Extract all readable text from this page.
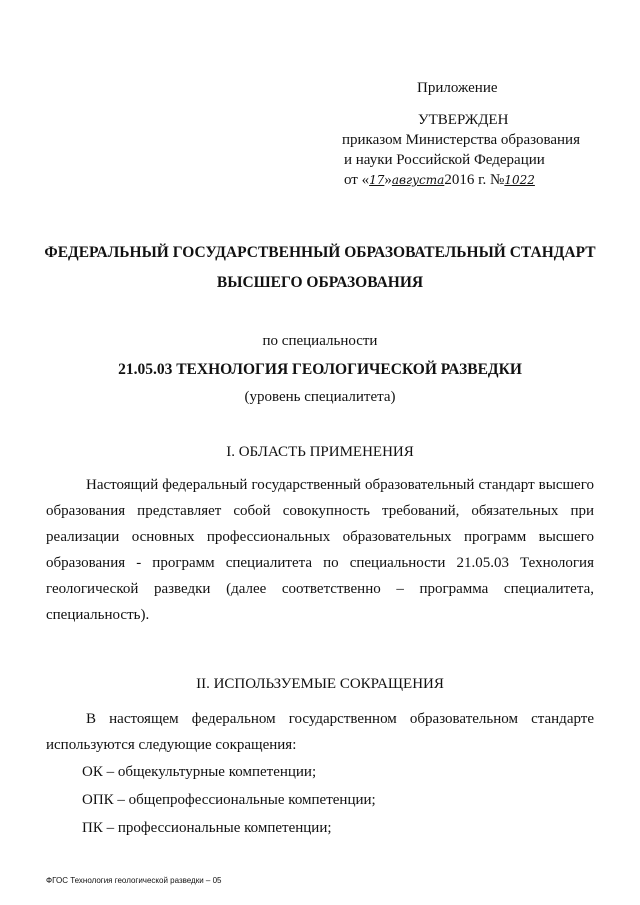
Приложение
УТВЕРЖДЕН
приказом Министерства образования
и науки Российской Федерации
от «17»августа2016 г. №1022
ФЕДЕРАЛЬНЫЙ ГОСУДАРСТВЕННЫЙ ОБРАЗОВАТЕЛЬНЫЙ СТАНДАРТ
ВЫСШЕГО ОБРАЗОВАНИЯ
по специальности
21.05.03 ТЕХНОЛОГИЯ ГЕОЛОГИЧЕСКОЙ РАЗВЕДКИ
(уровень специалитета)
I. ОБЛАСТЬ ПРИМЕНЕНИЯ
Настоящий федеральный государственный образовательный стандарт высшего образования представляет собой совокупность требований, обязательных при реализации основных профессиональных образовательных программ высшего образования - программ специалитета по специальности 21.05.03 Технология геологической разведки (далее соответственно – программа специалитета, специальность).
II. ИСПОЛЬЗУЕМЫЕ СОКРАЩЕНИЯ
В настоящем федеральном государственном образовательном стандарте используются следующие сокращения:
ОК – общекультурные компетенции;
ОПК – общепрофессиональные компетенции;
ПК – профессиональные компетенции;
ФГОС Технология геологической разведки – 05
